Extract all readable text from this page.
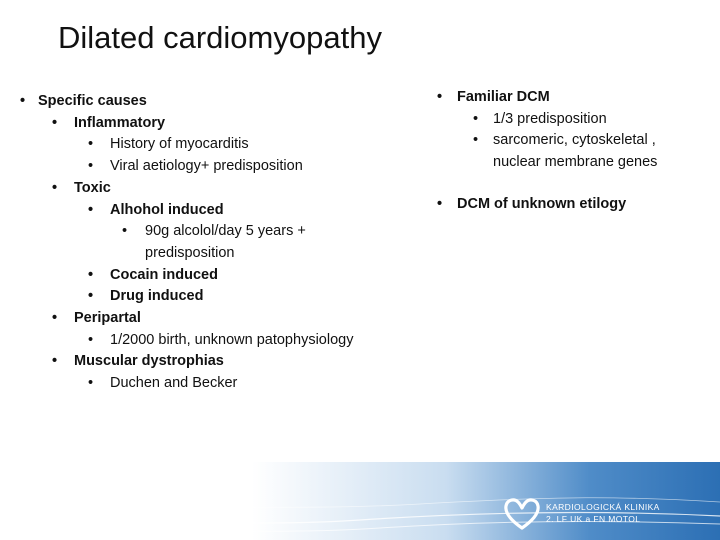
Dilated cardiomyopathy
• Specific causes
• Inflammatory
• History of myocarditis
• Viral aetiology+ predisposition
• Toxic
• Alhohol induced
• 90g alcolol/day 5 years + predisposition
• Cocain induced
• Drug induced
• Peripartal
• 1/2000 birth, unknown patophysiology
• Muscular dystrophias
• Duchen and Becker
• Familiar DCM
• 1/3 predisposition
• sarcomeric, cytoskeletal , nuclear membrane genes
• DCM of unknown etilogy
KARDIOLOGICKÁ KLINIKA
2. LF UK a FN MOTOL
